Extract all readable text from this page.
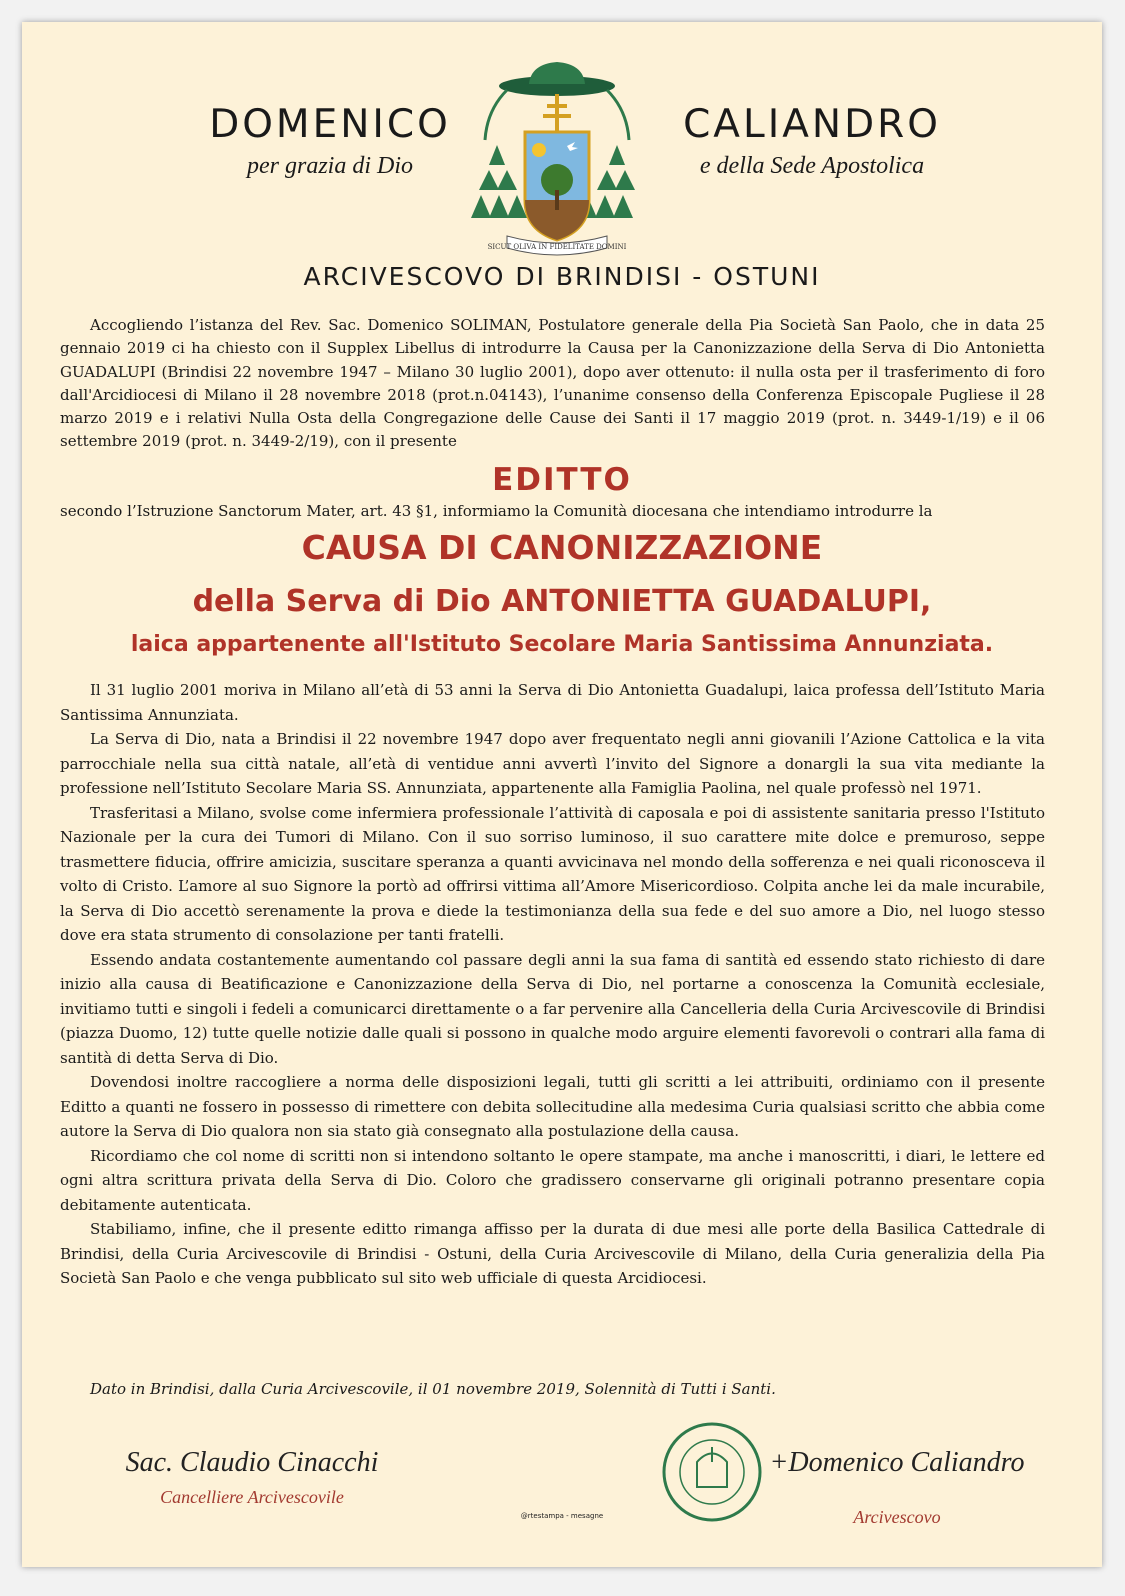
DOMENICO
per grazia di Dio
SICUT OLIVA IN FIDELITATE DOMINI
CALIANDRO
e della Sede Apostolica
ARCIVESCOVO DI BRINDISI - OSTUNI

Accogliendo l’istanza del Rev. Sac. Domenico SOLIMAN, Postulatore generale della Pia Società San Paolo, che in data 25 gennaio 2019 ci ha chiesto con il Supplex Libellus di introdurre la Causa per la Canonizzazione della Serva di Dio Antonietta GUADALUPI (Brindisi 22 novembre 1947 – Milano 30 luglio 2001), dopo aver ottenuto: il nulla osta per il trasferimento di foro dall'Arcidiocesi di Milano il 28 novembre 2018 (prot.n.04143), l’unanime consenso della Conferenza Episcopale Pugliese il 28 marzo 2019 e i relativi Nulla Osta della Congregazione delle Cause dei Santi il 17 maggio 2019 (prot. n. 3449-1/19) e il 06 settembre 2019 (prot. n. 3449-2/19), con il presente

EDITTO
secondo l’Istruzione Sanctorum Mater, art. 43 §1, informiamo la Comunità diocesana che intendiamo introdurre la
CAUSA DI CANONIZZAZIONE
della Serva di Dio ANTONIETTA GUADALUPI,
laica appartenente all'Istituto Secolare Maria Santissima Annunziata.

Il 31 luglio 2001 moriva in Milano all’età di 53 anni la Serva di Dio Antonietta Guadalupi, laica professa dell’Istituto Maria Santissima Annunziata.

La Serva di Dio, nata a Brindisi il 22 novembre 1947 dopo aver frequentato negli anni giovanili l’Azione Cattolica e la vita parrocchiale nella sua città natale, all’età di ventidue anni avvertì l’invito del Signore a donargli la sua vita mediante la professione nell’Istituto Secolare Maria SS. Annunziata, appartenente alla Famiglia Paolina, nel quale professò nel 1971.

Trasferitasi a Milano, svolse come infermiera professionale l’attività di caposala e poi di assistente sanitaria presso l'Istituto Nazionale per la cura dei Tumori di Milano. Con il suo sorriso luminoso, il suo carattere mite dolce e premuroso, seppe trasmettere fiducia, offrire amicizia, suscitare speranza a quanti avvicinava nel mondo della sofferenza e nei quali riconosceva il volto di Cristo. L’amore al suo Signore la portò ad offrirsi vittima all’Amore Misericordioso. Colpita anche lei da male incurabile, la Serva di Dio accettò serenamente la prova e diede la testimonianza della sua fede e del suo amore a Dio, nel luogo stesso dove era stata strumento di consolazione per tanti fratelli.

Essendo andata costantemente aumentando col passare degli anni la sua fama di santità ed essendo stato richiesto di dare inizio alla causa di Beatificazione e Canonizzazione della Serva di Dio, nel portarne a conoscenza la Comunità ecclesiale, invitiamo tutti e singoli i fedeli a comunicarci direttamente o a far pervenire alla Cancelleria della Curia Arcivescovile di Brindisi (piazza Duomo, 12) tutte quelle notizie dalle quali si possono in qualche modo arguire elementi favorevoli o contrari alla fama di santità di detta Serva di Dio.

Dovendosi inoltre raccogliere a norma delle disposizioni legali, tutti gli scritti a lei attribuiti, ordiniamo con il presente Editto a quanti ne fossero in possesso di rimettere con debita sollecitudine alla medesima Curia qualsiasi scritto che abbia come autore la Serva di Dio qualora non sia stato già consegnato alla postulazione della causa.

Ricordiamo che col nome di scritti non si intendono soltanto le opere stampate, ma anche i manoscritti, i diari, le lettere ed ogni altra scrittura privata della Serva di Dio. Coloro che gradissero conservarne gli originali potranno presentare copia debitamente autenticata.

Stabiliamo, infine, che il presente editto rimanga affisso per la durata di due mesi alle porte della Basilica Cattedrale di Brindisi, della Curia Arcivescovile di Brindisi - Ostuni, della Curia Arcivescovile di Milano, della Curia generalizia della Pia Società San Paolo e che venga pubblicato sul sito web ufficiale di questa Arcidiocesi.

Dato in Brindisi, dalla Curia Arcivescovile, il 01 novembre 2019, Solennità di Tutti i Santi.
Sac. Claudio Cinacchi
Cancelliere Arcivescovile
+Domenico Caliandro
Arcivescovo
@rtestampa - mesagne
